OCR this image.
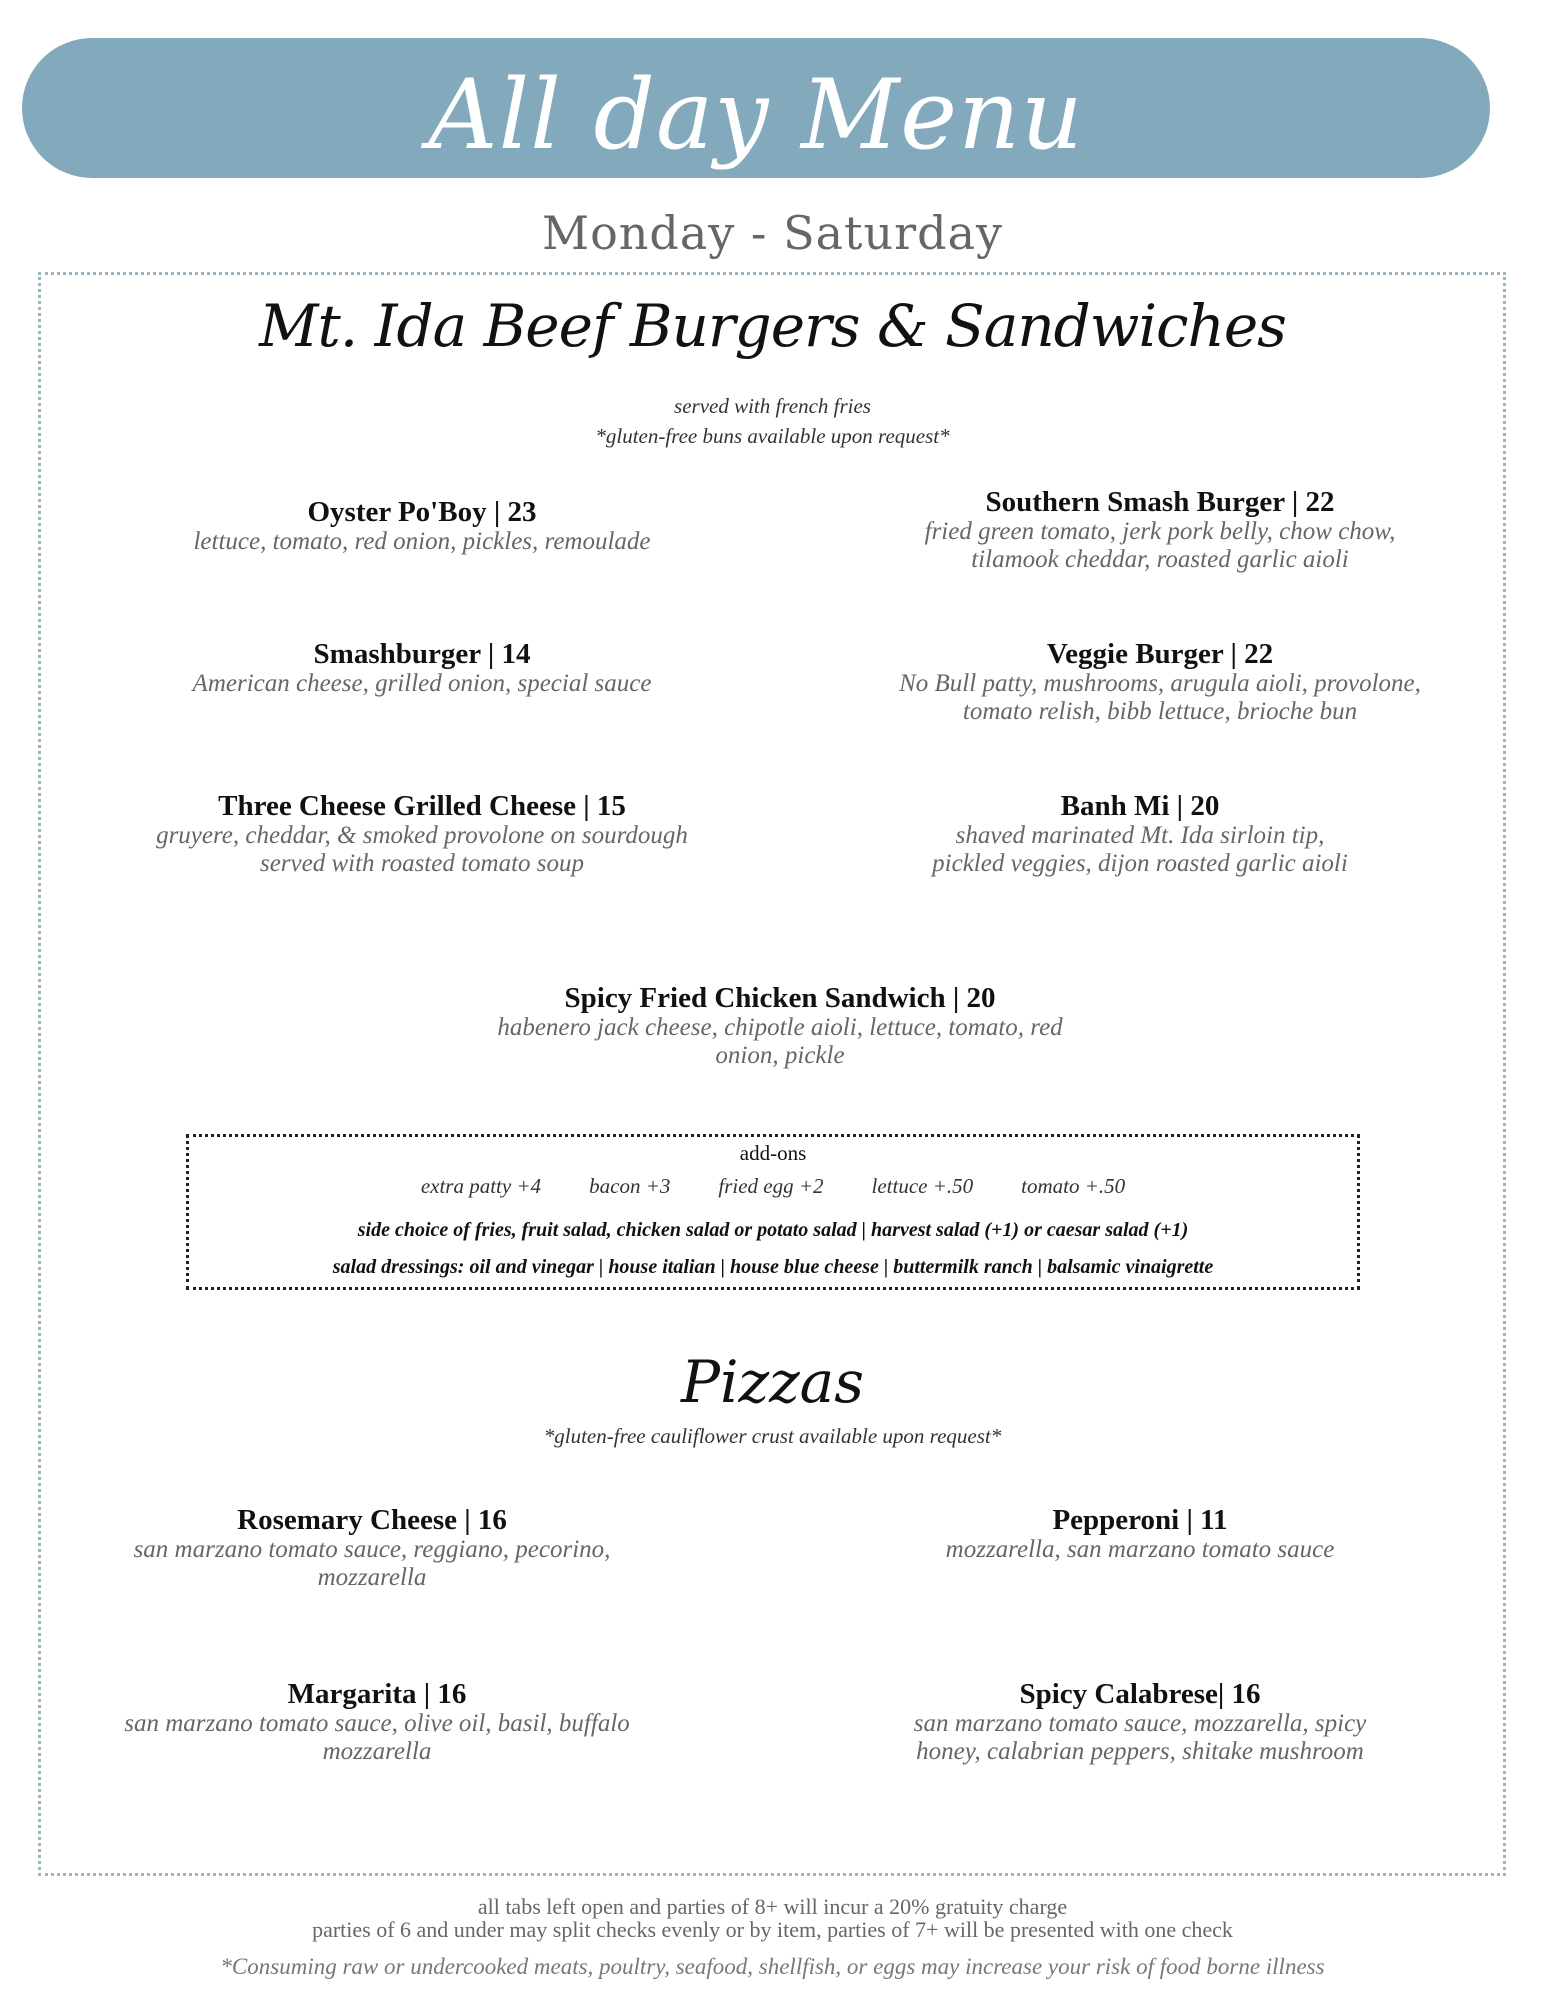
All day Menu
Monday - Saturday
Mt. Ida Beef Burgers & Sandwiches
served with french fries
*gluten-free buns available upon request*
Oyster Po'Boy | 23
lettuce, tomato, red onion, pickles, remoulade
Southern Smash Burger | 22
fried green tomato, jerk pork belly, chow chow,
tilamook cheddar, roasted garlic aioli
Smashburger | 14
American cheese, grilled onion, special sauce
Veggie Burger | 22
No Bull patty, mushrooms, arugula aioli, provolone,
tomato relish, bibb lettuce, brioche bun
Three Cheese Grilled Cheese | 15
gruyere, cheddar, & smoked provolone on sourdough
served with roasted tomato soup
Banh Mi | 20
shaved marinated Mt. Ida sirloin tip,
pickled veggies, dijon roasted garlic aioli
Spicy Fried Chicken Sandwich | 20
habenero jack cheese, chipotle aioli, lettuce, tomato, red
onion, pickle
add-ons
extra patty +4 bacon +3 fried egg +2 lettuce +.50 tomato +.50
side choice of fries, fruit salad, chicken salad or potato salad | harvest salad (+1) or caesar salad (+1)
salad dressings: oil and vinegar | house italian | house blue cheese | buttermilk ranch | balsamic vinaigrette
Pizzas
*gluten-free cauliflower crust available upon request*
Rosemary Cheese | 16
san marzano tomato sauce, reggiano, pecorino,
mozzarella
Pepperoni | 11
mozzarella, san marzano tomato sauce
Margarita | 16
san marzano tomato sauce, olive oil, basil, buffalo
mozzarella
Spicy Calabrese| 16
san marzano tomato sauce, mozzarella, spicy
honey, calabrian peppers, shitake mushroom
all tabs left open and parties of 8+ will incur a 20% gratuity charge
parties of 6 and under may split checks evenly or by item, parties of 7+ will be presented with one check
*Consuming raw or undercooked meats, poultry, seafood, shellfish, or eggs may increase your risk of food borne illness
